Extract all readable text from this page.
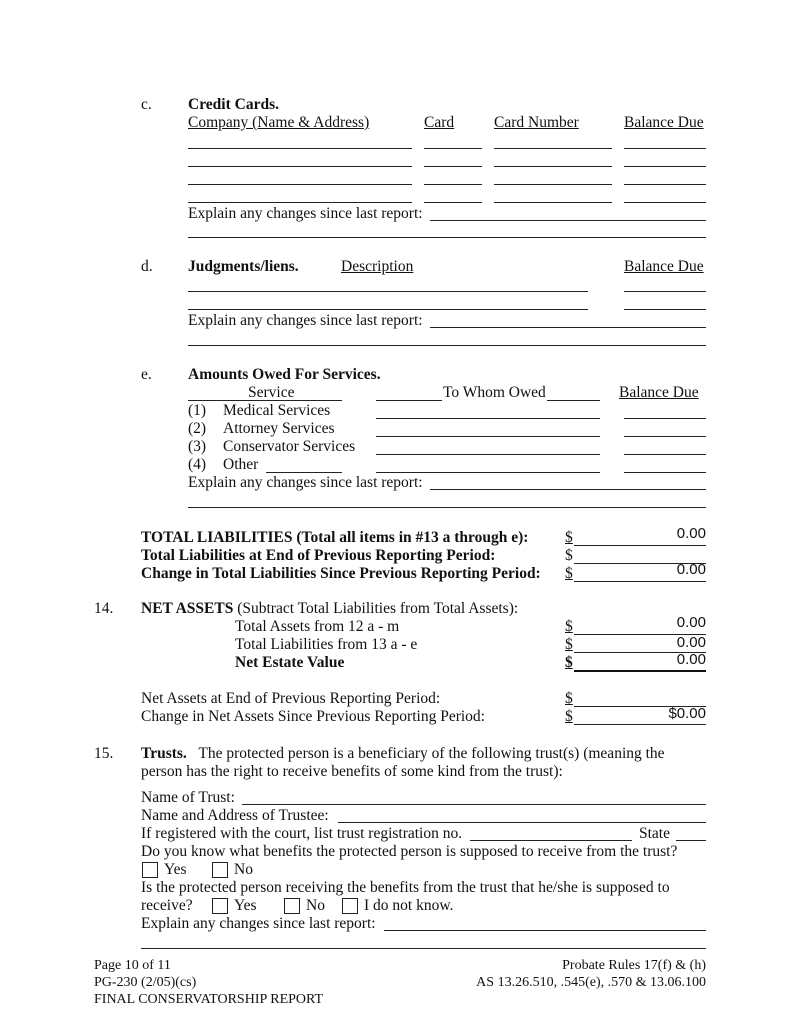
c. Credit Cards.
Company (Name & Address)	Card	Card Number	Balance Due
Explain any changes since last report:
d. Judgments/liens.	Description	Balance Due
Explain any changes since last report:
e. Amounts Owed For Services.
Service	To Whom Owed	Balance Due
(1) Medical Services
(2) Attorney Services
(3) Conservator Services
(4) Other
Explain any changes since last report:
TOTAL LIABILITIES (Total all items in #13 a through e): $	0.00
Total Liabilities at End of Previous Reporting Period:	$
Change in Total Liabilities Since Previous Reporting Period: $	0.00
14. NET ASSETS (Subtract Total Liabilities from Total Assets):
Total Assets from 12 a - m	$	0.00
Total Liabilities from 13 a - e	$	0.00
Net Estate Value	$	0.00
Net Assets at End of Previous Reporting Period:	$
Change in Net Assets Since Previous Reporting Period:	$	$0.00
15. Trusts. The protected person is a beneficiary of the following trust(s) (meaning the
person has the right to receive benefits of some kind from the trust):
Name of Trust:
Name and Address of Trustee:
If registered with the court, list trust registration no.	State
Do you know what benefits the protected person is supposed to receive from the trust?
Yes	No
Is the protected person receiving the benefits from the trust that he/she is supposed to
receive?	Yes	No	I do not know.
Explain any changes since last report:
Page 10 of 11
PG-230 (2/05)(cs)
FINAL CONSERVATORSHIP REPORT
Probate Rules 17(f) & (h)
AS 13.26.510, .545(e), .570 & 13.06.100
